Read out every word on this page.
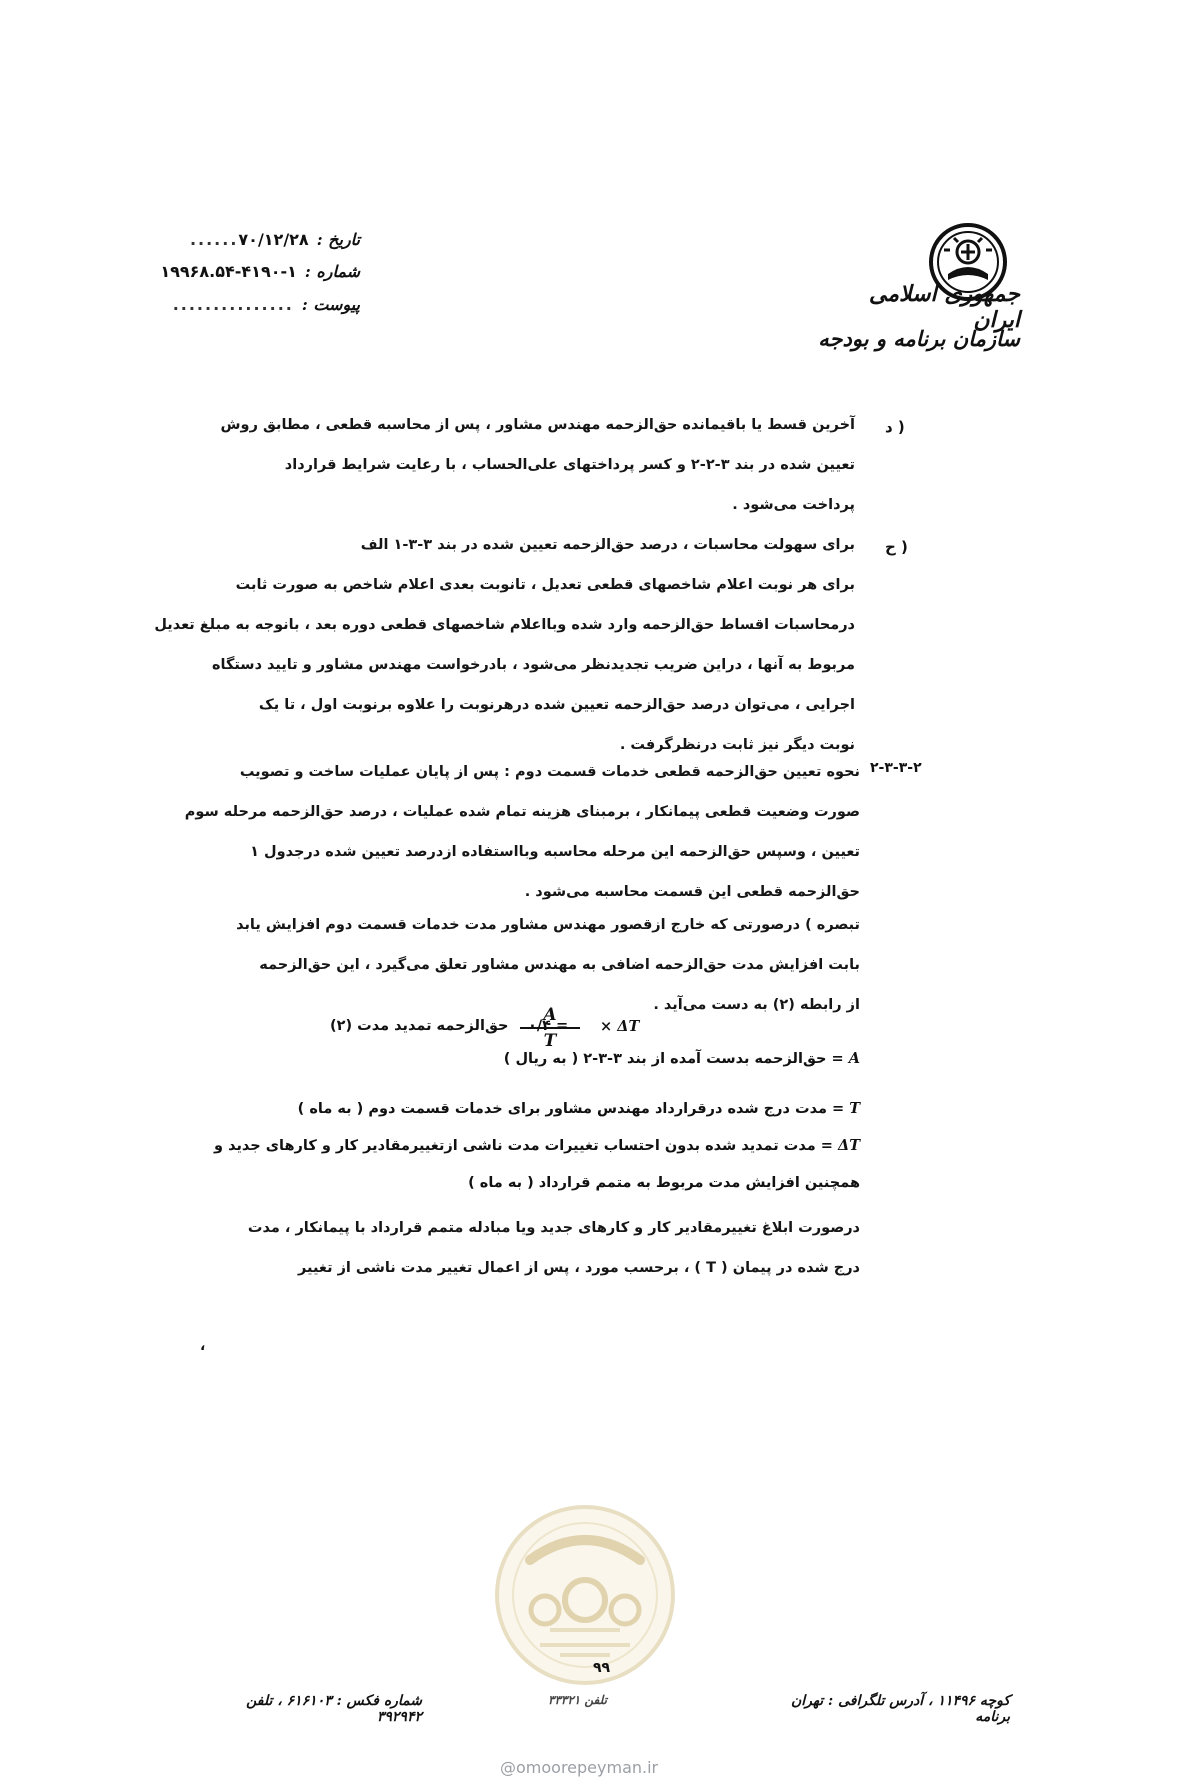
جمهوری اسلامی ایران
سازمان برنامه و بودجه
تاریخ :
۷۰/۱۲/۲۸
......
شماره :
۱۹۹۶۸.۵۴-۴۱۹۰-۱
پیوست :
...............
د )
آخرین قسط یا باقیمانده حق‌الزحمه مهندس مشاور ، پس از محاسبه قطعی ، مطابق روش
تعیین شده در بند ۳-۲-۲ و کسر پرداختهای علی‌الحساب ، با رعایت شرایط قرارداد
پرداخت می‌شود .
ح )
برای سهولت محاسبات ، درصد حق‌الزحمه تعیین شده در بند ۳-۳-۱ الف
برای هر نوبت اعلام شاخصهای قطعی تعدیل ، تانوبت بعدی اعلام شاخص به صورت ثابت
درمحاسبات اقساط حق‌الزحمه وارد شده وبااعلام شاخصهای قطعی دوره بعد ، بانوجه به مبلغ تعدیل
مربوط به آنها ، دراین ضریب تجدیدنظر می‌شود ، بادرخواست مهندس مشاور و تایید دستگاه
اجرایی ، می‌توان درصد حق‌الزحمه تعیین شده درهرنوبت را علاوه برنوبت اول ، تا یک
نوبت دیگر نیز ثابت درنظرگرفت .
۲-۳-۳-۲
نحوه تعیین حق‌الزحمه قطعی خدمات قسمت دوم : پس از پایان عملیات ساخت و تصویب
صورت وضعیت قطعی پیمانکار ، برمبنای هزینه تمام شده عملیات ، درصد حق‌الزحمه مرحله سوم
تعیین ، وسپس حق‌الزحمه این مرحله محاسبه وبااستفاده ازدرصد تعیین شده درجدول ۱
حق‌الزحمه قطعی این قسمت محاسبه می‌شود .
تبصره ) درصورتی که خارج ازقصور مهندس مشاور مدت خدمات قسمت دوم افزایش یابد
بابت افزایش مدت حق‌الزحمه اضافی به مهندس مشاور تعلق می‌گیرد ، این حق‌الزحمه
از رابطه (۲) به دست می‌آید .
حق‌الزحمه تمدید مدت (۲)	= ۰/۴
A
T
× ΔT
A = حق‌الزحمه بدست آمده از بند ۳-۳-۲ ( به ریال )
T = مدت درج شده درقرارداد مهندس مشاور برای خدمات قسمت دوم ( به ماه )
ΔT = مدت تمدید شده بدون احتساب تغییرات مدت ناشی ازتغییرمقادیر کار و کارهای جدید و
همچنین افزایش مدت مربوط به متمم قرارداد ( به ماه )
درصورت ابلاغ تغییرمقادیر کار و کارهای جدید ویا مبادله متمم قرارداد با پیمانکار ، مدت
درج شده در پیمان ( T ) ، برحسب مورد ، پس از اعمال تغییر مدت ناشی از تغییر
،
۹۹
تلفن ۳۳۳۲۱	کوچه ۱۱۴۹۶ ، آدرس تلگرافی : تهران برنامه
شماره فکس : ۶۱۶۱۰۳ ، تلفن ۳۹۲۹۴۲
@omoorepeyman.ir
